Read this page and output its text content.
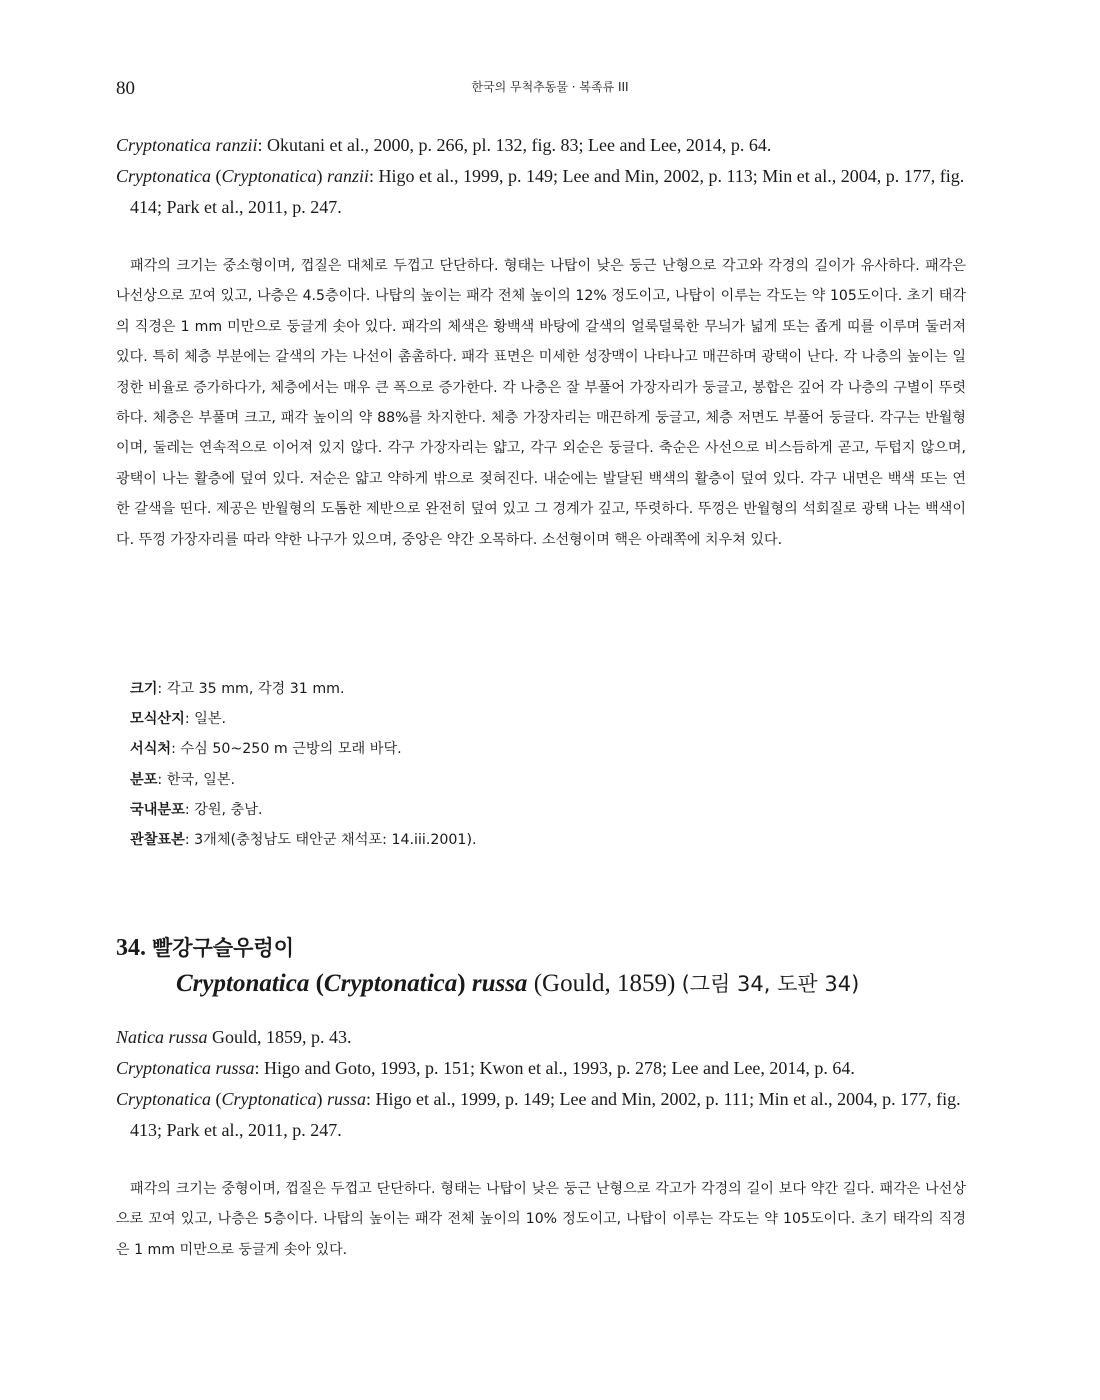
80	한국의 무척추동물 · 복족류 III

Cryptonatica ranzii: Okutani et al., 2000, p. 266, pl. 132, fig. 83; Lee and Lee, 2014, p. 64.

Cryptonatica (Cryptonatica) ranzii: Higo et al., 1999, p. 149; Lee and Min, 2002, p. 113; Min et al., 2004, p. 177, fig. 414; Park et al., 2011, p. 247.

패각의 크기는 중소형이며, 껍질은 대체로 두껍고 단단하다. 형태는 나탑이 낮은 둥근 난형으로 각고와 각경의 길이가 유사하다. 패각은 나선상으로 꼬여 있고, 나층은 4.5층이다. 나탑의 높이는 패각 전체 높이의 12% 정도이고, 나탑이 이루는 각도는 약 105도이다. 초기 태각의 직경은 1 mm 미만으로 둥글게 솟아 있다. 패각의 체색은 황백색 바탕에 갈색의 얼룩덜룩한 무늬가 넓게 또는 좁게 띠를 이루며 둘러져 있다. 특히 체층 부분에는 갈색의 가는 나선이 촘촘하다. 패각 표면은 미세한 성장맥이 나타나고 매끈하며 광택이 난다. 각 나층의 높이는 일정한 비율로 증가하다가, 체층에서는 매우 큰 폭으로 증가한다. 각 나층은 잘 부풀어 가장자리가 둥글고, 봉합은 깊어 각 나층의 구별이 뚜렷하다. 체층은 부풀며 크고, 패각 높이의 약 88%를 차지한다. 체층 가장자리는 매끈하게 둥글고, 체층 저면도 부풀어 둥글다. 각구는 반월형이며, 둘레는 연속적으로 이어져 있지 않다. 각구 가장자리는 얇고, 각구 외순은 둥글다. 축순은 사선으로 비스듬하게 곧고, 두텁지 않으며, 광택이 나는 활층에 덮여 있다. 저순은 얇고 약하게 밖으로 젖혀진다. 내순에는 발달된 백색의 활층이 덮여 있다. 각구 내면은 백색 또는 연한 갈색을 띤다. 제공은 반월형의 도톰한 제반으로 완전히 덮여 있고 그 경계가 깊고, 뚜렷하다. 뚜껑은 반월형의 석회질로 광택 나는 백색이다. 뚜껑 가장자리를 따라 약한 나구가 있으며, 중앙은 약간 오목하다. 소선형이며 핵은 아래쪽에 치우쳐 있다.

크기: 각고 35 mm, 각경 31 mm.

모식산지: 일본.

서식처: 수심 50~250 m 근방의 모래 바닥.

분포: 한국, 일본.

국내분포: 강원, 충남.

관찰표본: 3개체(충청남도 태안군 채석포: 14.iii.2001).

34. 빨강구슬우렁이
Cryptonatica (Cryptonatica) russa (Gould, 1859) (그림 34, 도판 34)

Natica russa Gould, 1859, p. 43.

Cryptonatica russa: Higo and Goto, 1993, p. 151; Kwon et al., 1993, p. 278; Lee and Lee, 2014, p. 64.

Cryptonatica (Cryptonatica) russa: Higo et al., 1999, p. 149; Lee and Min, 2002, p. 111; Min et al., 2004, p. 177, fig. 413; Park et al., 2011, p. 247.

패각의 크기는 중형이며, 껍질은 두껍고 단단하다. 형태는 나탑이 낮은 둥근 난형으로 각고가 각경의 길이 보다 약간 길다. 패각은 나선상으로 꼬여 있고, 나층은 5층이다. 나탑의 높이는 패각 전체 높이의 10% 정도이고, 나탑이 이루는 각도는 약 105도이다. 초기 태각의 직경은 1 mm 미만으로 둥글게 솟아 있다.
